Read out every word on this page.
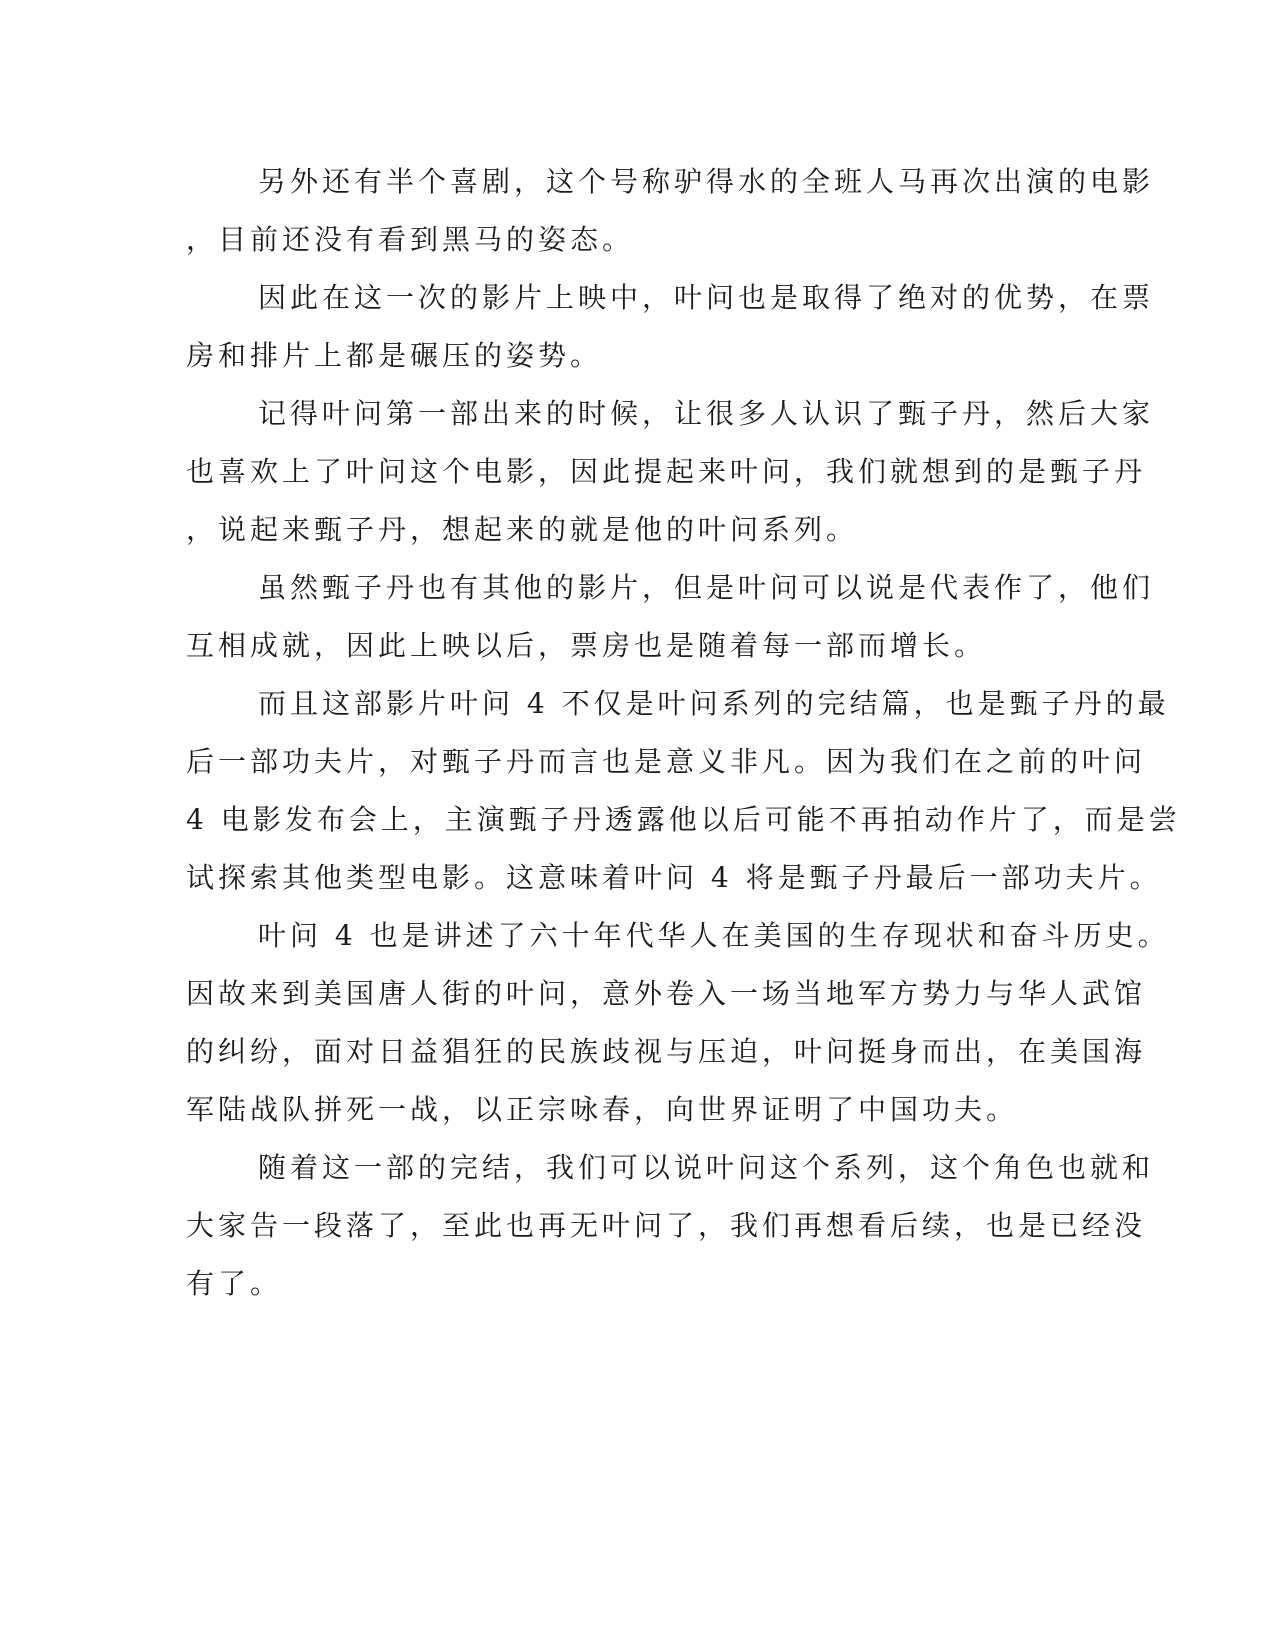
另外还有半个喜剧，这个号称驴得水的全班人马再次出演的电影
，目前还没有看到黑马的姿态。
因此在这一次的影片上映中，叶问也是取得了绝对的优势，在票
房和排片上都是碾压的姿势。
记得叶问第一部出来的时候，让很多人认识了甄子丹，然后大家
也喜欢上了叶问这个电影，因此提起来叶问，我们就想到的是甄子丹
，说起来甄子丹，想起来的就是他的叶问系列。
虽然甄子丹也有其他的影片，但是叶问可以说是代表作了，他们
互相成就，因此上映以后，票房也是随着每一部而增长。
而且这部影片叶问 4 不仅是叶问系列的完结篇，也是甄子丹的最
后一部功夫片，对甄子丹而言也是意义非凡。因为我们在之前的叶问
4 电影发布会上，主演甄子丹透露他以后可能不再拍动作片了，而是尝
试探索其他类型电影。这意味着叶问 4 将是甄子丹最后一部功夫片。
叶问 4 也是讲述了六十年代华人在美国的生存现状和奋斗历史。
因故来到美国唐人街的叶问，意外卷入一场当地军方势力与华人武馆
的纠纷，面对日益猖狂的民族歧视与压迫，叶问挺身而出，在美国海
军陆战队拼死一战，以正宗咏春，向世界证明了中国功夫。
随着这一部的完结，我们可以说叶问这个系列，这个角色也就和
大家告一段落了，至此也再无叶问了，我们再想看后续，也是已经没
有了。
